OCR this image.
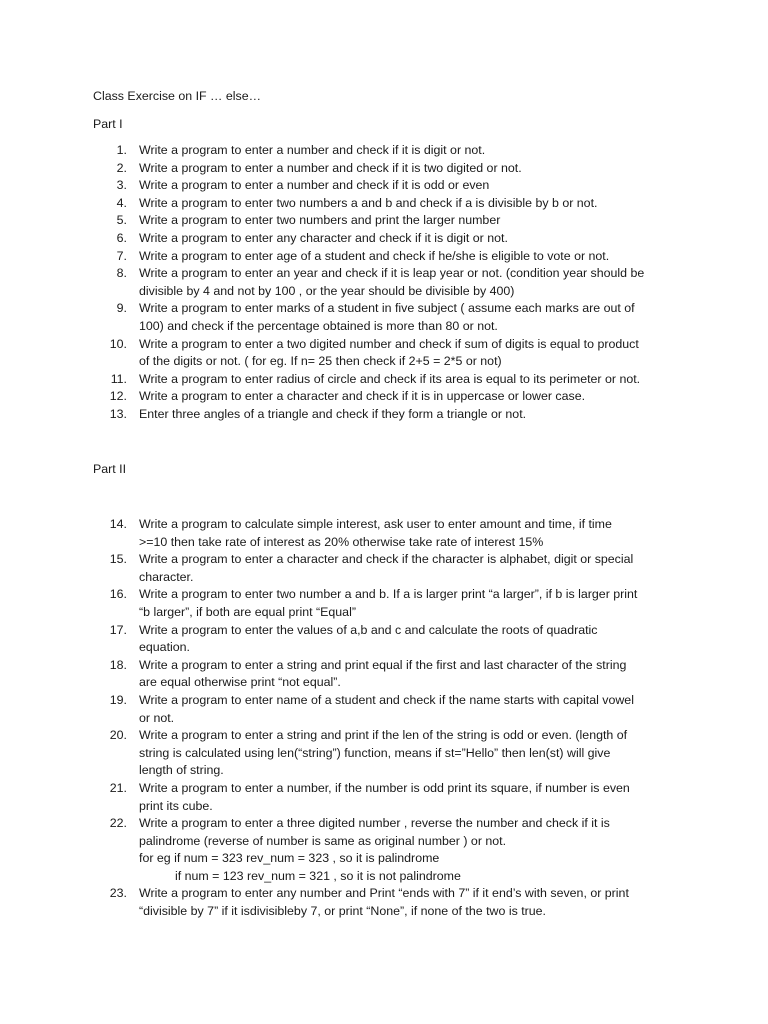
Class Exercise on IF … else…
Part I
1. Write a program to enter a number and check if it is digit or not.
2. Write a program to enter a number and check if it is two digited or not.
3. Write a program to enter a number and check if it is odd or even
4. Write a program to enter two numbers a and b and check if a is divisible by b or not.
5. Write a program to enter two numbers and print the larger number
6. Write a program to enter any character and check if it is digit or not.
7. Write a program to enter age of a student and check if he/she is eligible to vote or not.
8. Write a program to enter an year and check if it is leap year or not. (condition year should be
divisible by 4 and not by 100 , or the year should be divisible by 400)
9. Write a program to enter marks of a student in five subject ( assume each marks are out of
100) and check if the percentage obtained is more than 80 or not.
10. Write a program to enter a two digited number and check if sum of digits is equal to product
of the digits or not. ( for eg. If n= 25 then check if 2+5 = 2*5 or not)
11. Write a program to enter radius of circle and check if its area is equal to its perimeter or not.
12. Write a program to enter a character and check if it is in uppercase or lower case.
13. Enter three angles of a triangle and check if they form a triangle or not.
Part II
14. Write a program to calculate simple interest, ask user to enter amount and time, if time
>=10 then take rate of interest as 20% otherwise take rate of interest 15%
15. Write a program to enter a character and check if the character is alphabet, digit or special
character.
16. Write a program to enter two number a and b. If a is larger print “a larger”, if b is larger print
“b larger”, if both are equal print “Equal”
17. Write a program to enter the values of a,b and c and calculate the roots of quadratic
equation.
18. Write a program to enter a string and print equal if the first and last character of the string
are equal otherwise print “not equal”.
19. Write a program to enter name of a student and check if the name starts with capital vowel
or not.
20. Write a program to enter a string and print if the len of the string is odd or even. (length of
string is calculated using len(“string”) function, means if st=”Hello” then len(st) will give
length of string.
21. Write a program to enter a number, if the number is odd print its square, if number is even
print its cube.
22. Write a program to enter a three digited number , reverse the number and check if it is
palindrome (reverse of number is same as original number ) or not.
for eg if num = 323 rev_num = 323 , so it is palindrome
if num = 123 rev_num = 321 , so it is not palindrome
23. Write a program to enter any number and Print “ends with 7” if it end’s with seven, or print
“divisible by 7” if it isdivisibleby 7, or print “None”, if none of the two is true.
